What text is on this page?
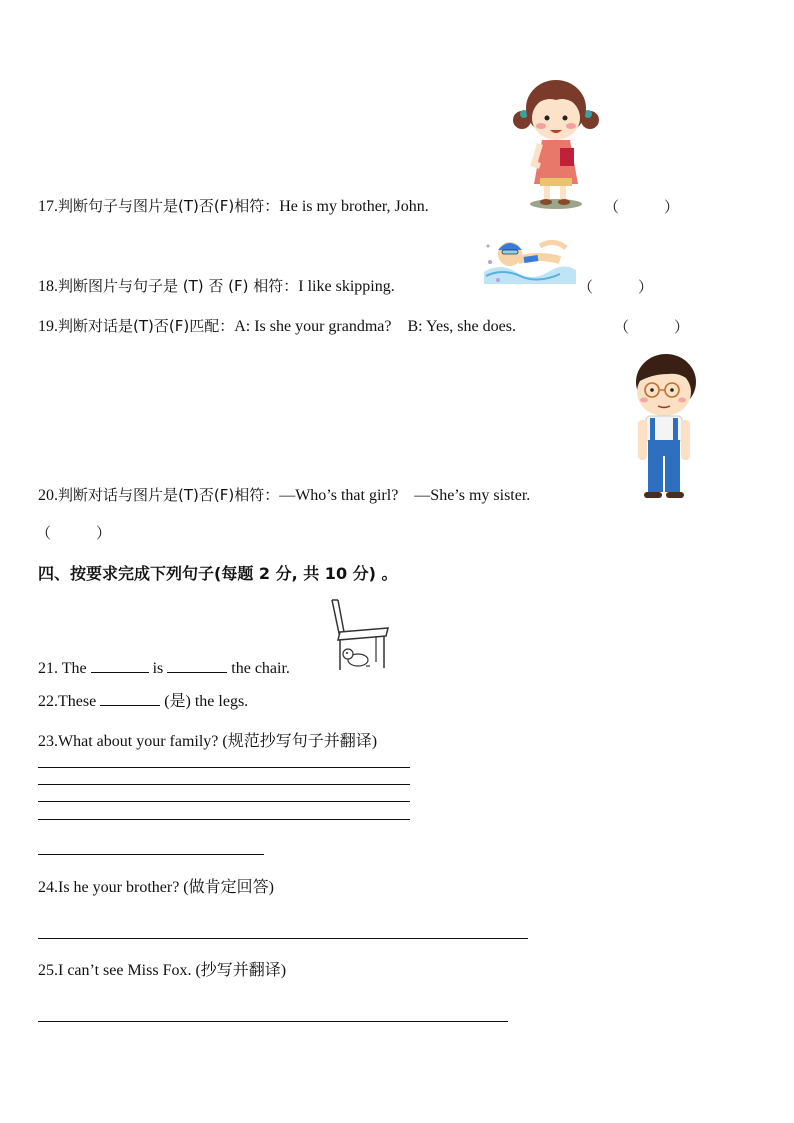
17.判断句子与图片是(T)否(F)相符：He is my brother, John.	（　　　）
18.判断图片与句子是 (T) 否 (F) 相符：I like skipping.	（　　　）
19.判断对话是(T)否(F)匹配：A: Is she your grandma?　B: Yes, she does.	（　　　）
20.判断对话与图片是(T)否(F)相符：—Who’s that girl?　—She’s my sister.
（　　　）
四、按要求完成下列句子(每题 2 分, 共 10 分) 。
21. The	is	the chair.
22.These	(是) the legs.
23.What about your family? (规范抄写句子并翻译)
24.Is he your brother? (做肯定回答)
25.I can’t see Miss Fox. (抄写并翻译)
